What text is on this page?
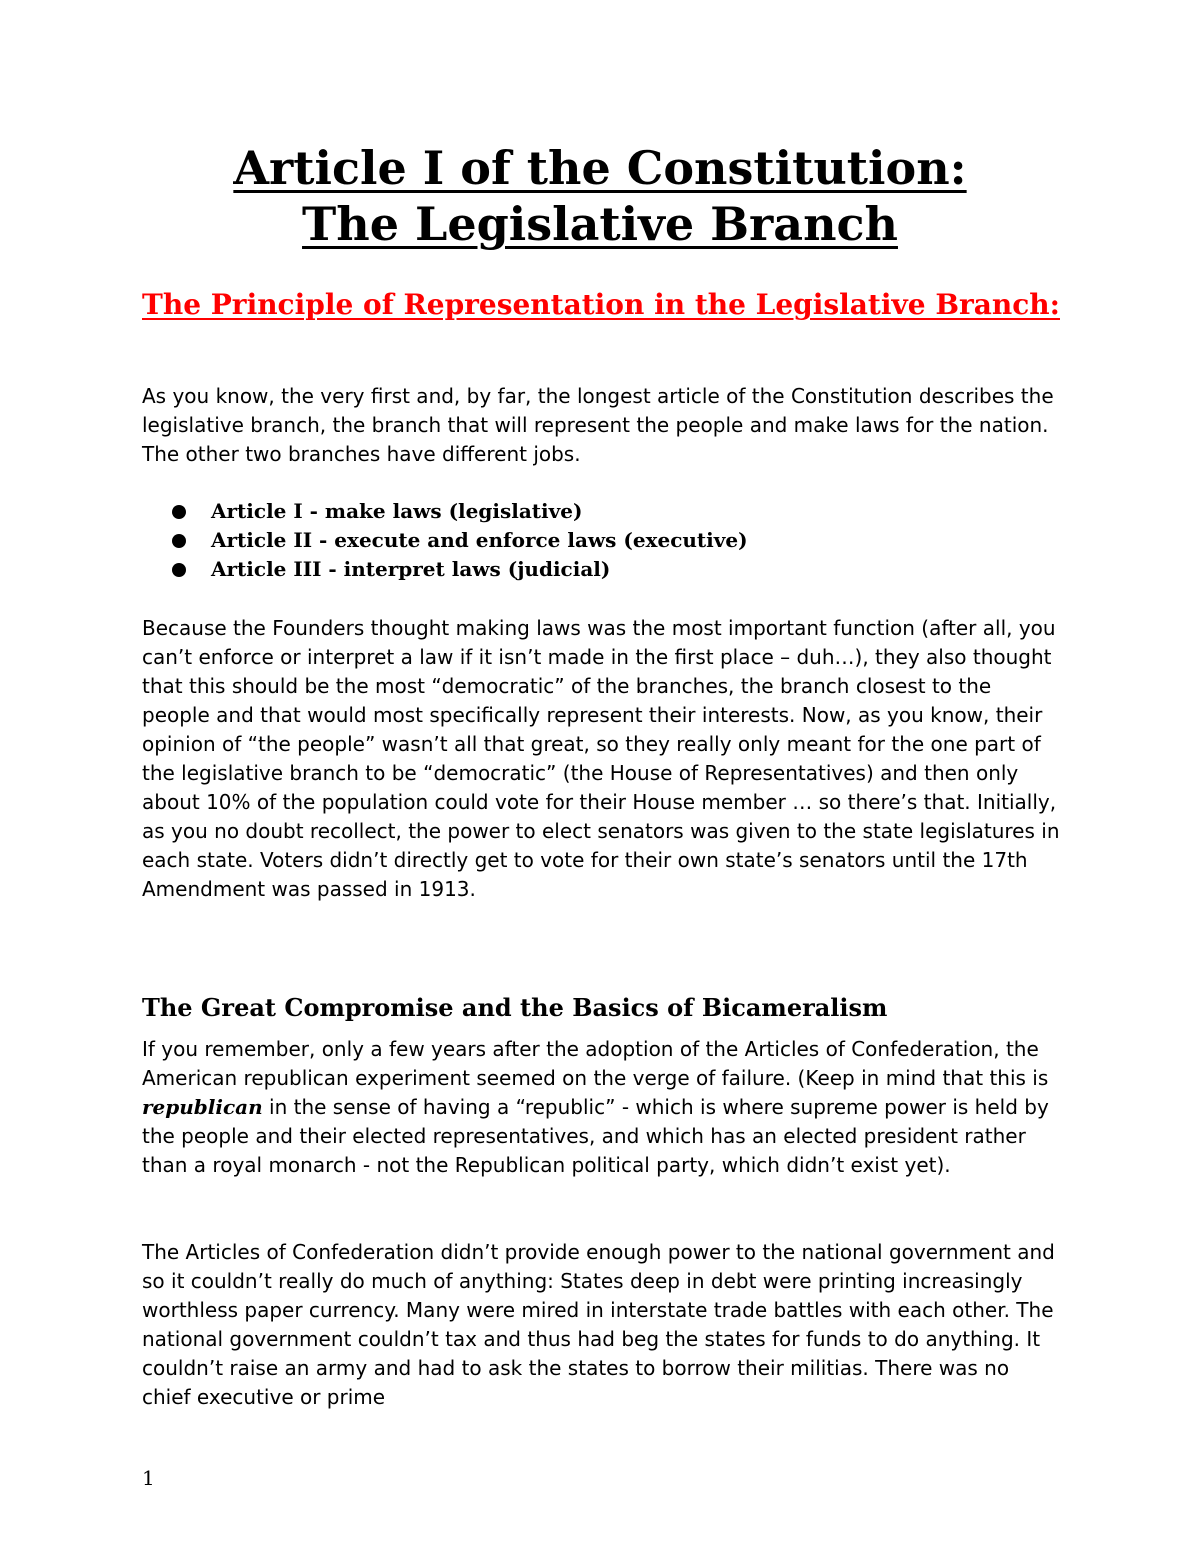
Article I of the Constitution:
The Legislative Branch
The Principle of Representation in the Legislative Branch:

As you know, the very first and, by far, the longest article of the Constitution describes the legislative branch, the branch that will represent the people and make laws for the nation. The other two branches have different jobs.

Article I - make laws (legislative)
Article II - execute and enforce laws (executive)
Article III - interpret laws (judicial)

Because the Founders thought making laws was the most important function (after all, you can’t enforce or interpret a law if it isn’t made in the first place – duh…), they also thought that this should be the most “democratic” of the branches, the branch closest to the people and that would most specifically represent their interests. Now, as you know, their opinion of “the people” wasn’t all that great, so they really only meant for the one part of the legislative branch to be “democratic” (the House of Representatives) and then only about 10% of the population could vote for their House member … so there’s that. Initially, as you no doubt recollect, the power to elect senators was given to the state legislatures in each state. Voters didn’t directly get to vote for their own state’s senators until the 17th Amendment was passed in 1913.

The Great Compromise and the Basics of Bicameralism

If you remember, only a few years after the adoption of the Articles of Confederation, the American republican experiment seemed on the verge of failure. (Keep in mind that this is republican in the sense of having a “republic” - which is where supreme power is held by the people and their elected representatives, and which has an elected president rather than a royal monarch - not the Republican political party, which didn’t exist yet).

The Articles of Confederation didn’t provide enough power to the national government and so it couldn’t really do much of anything: States deep in debt were printing increasingly worthless paper currency. Many were mired in interstate trade battles with each other. The national government couldn’t tax and thus had beg the states for funds to do anything. It couldn’t raise an army and had to ask the states to borrow their militias. There was no chief executive or prime

1
